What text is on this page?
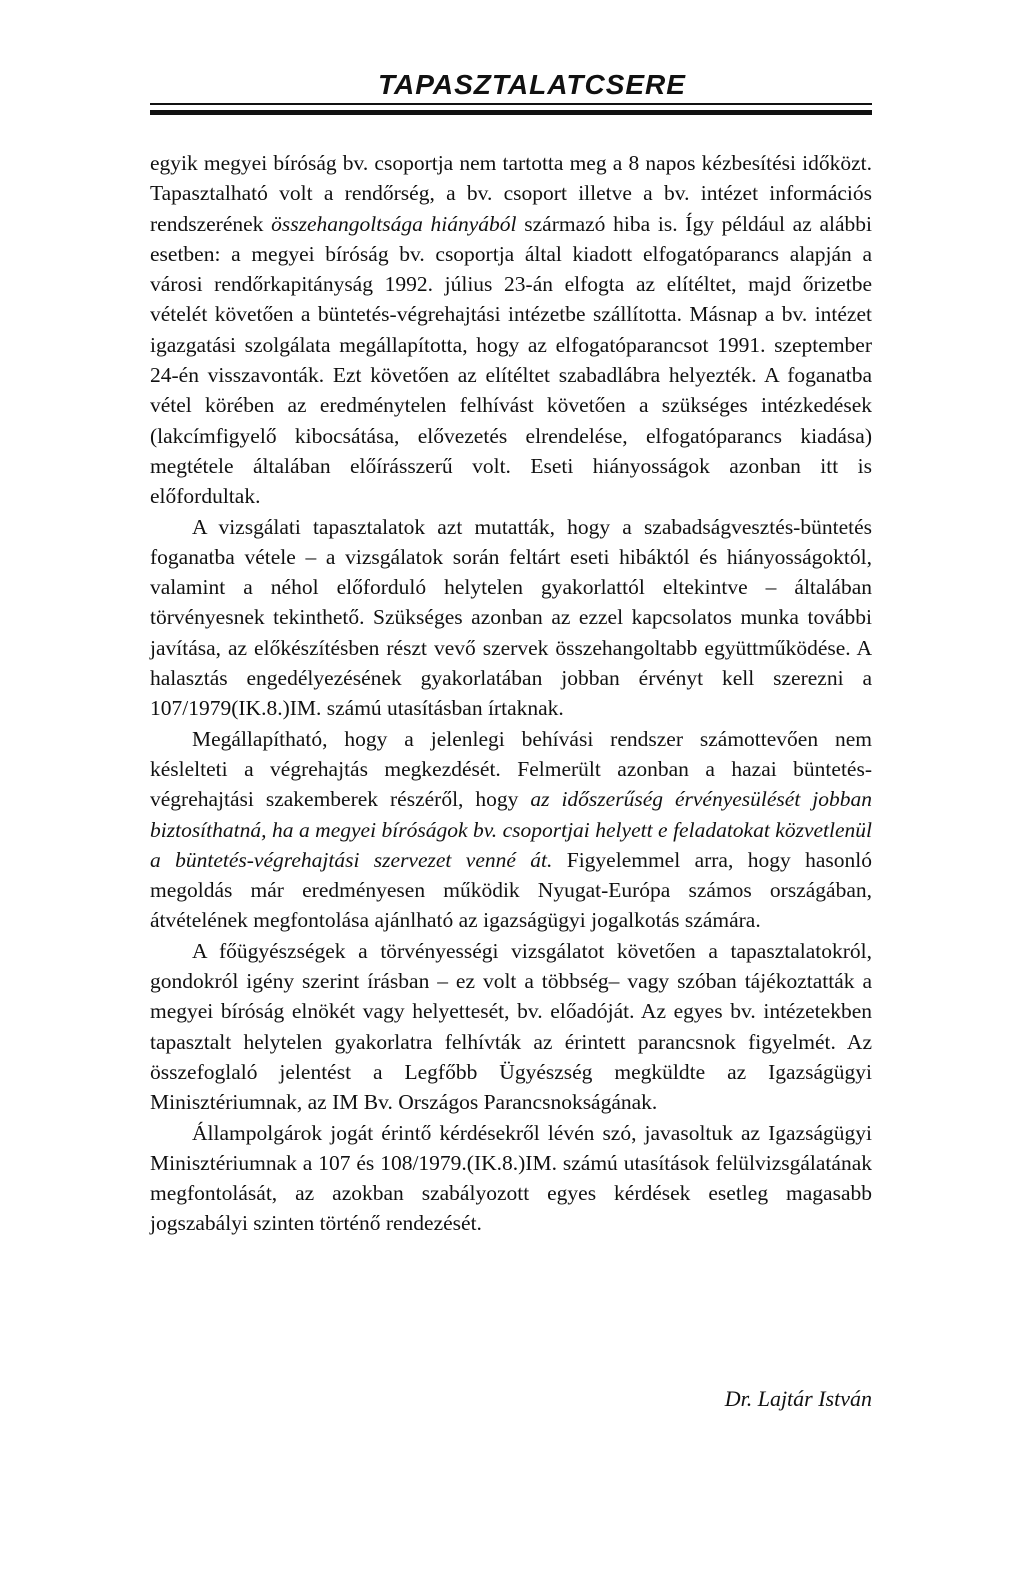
TAPASZTALATCSERE

egyik megyei bíróság bv. csoportja nem tartotta meg a 8 napos kézbesítési időközt. Tapasztalható volt a rendőrség, a bv. csoport illetve a bv. intézet információs rendszerének összehangoltsága hiányából származó hiba is. Így például az alábbi esetben: a megyei bíróság bv. csoportja által kiadott elfogatóparancs alapján a városi rendőrkapitányság 1992. július 23-án elfogta az elítéltet, majd őrizetbe vételét követően a büntetés-végrehajtási intézetbe szállította. Másnap a bv. intézet igazgatási szolgálata megállapította, hogy az elfogatóparancsot 1991. szeptember 24-én visszavonták. Ezt követően az elítéltet szabadlábra helyezték. A foganatba vétel körében az eredménytelen felhívást követően a szükséges intézkedések (lakcímfigyelő kibocsátása, elővezetés elrendelése, elfogatóparancs kiadása) megtétele általában előírásszerű volt. Eseti hiányosságok azonban itt is előfordultak.

A vizsgálati tapasztalatok azt mutatták, hogy a szabadságvesztés-büntetés foganatba vétele – a vizsgálatok során feltárt eseti hibáktól és hiányosságoktól, valamint a néhol előforduló helytelen gyakorlattól eltekintve – általában törvényesnek tekinthető. Szükséges azonban az ezzel kapcsolatos munka további javítása, az előkészítésben részt vevő szervek összehangoltabb együttműködése. A halasztás engedélyezésének gyakorlatában jobban érvényt kell szerezni a 107/1979(IK.8.)IM. számú utasításban írtaknak.

Megállapítható, hogy a jelenlegi behívási rendszer számottevően nem késlelteti a végrehajtás megkezdését. Felmerült azonban a hazai büntetés-végrehajtási szakemberek részéről, hogy az időszerűség érvényesülését jobban biztosíthatná, ha a megyei bíróságok bv. csoportjai helyett e feladatokat közvetlenül a büntetés-végrehajtási szervezet venné át. Figyelemmel arra, hogy hasonló megoldás már eredményesen működik Nyugat-Európa számos országában, átvételének megfontolása ajánlható az igazságügyi jogalkotás számára.

A főügyészségek a törvényességi vizsgálatot követően a tapasztalatokról, gondokról igény szerint írásban – ez volt a többség– vagy szóban tájékoztatták a megyei bíróság elnökét vagy helyettesét, bv. előadóját. Az egyes bv. intézetekben tapasztalt helytelen gyakorlatra felhívták az érintett parancsnok figyelmét. Az összefoglaló jelentést a Legfőbb Ügyészség megküldte az Igazságügyi Minisztériumnak, az IM Bv. Országos Parancsnokságának.

Állampolgárok jogát érintő kérdésekről lévén szó, javasoltuk az Igazságügyi Minisztériumnak a 107 és 108/1979.(IK.8.)IM. számú utasítások felülvizsgálatának megfontolását, az azokban szabályozott egyes kérdések esetleg magasabb jogszabályi szinten történő rendezését.

Dr. Lajtár István
